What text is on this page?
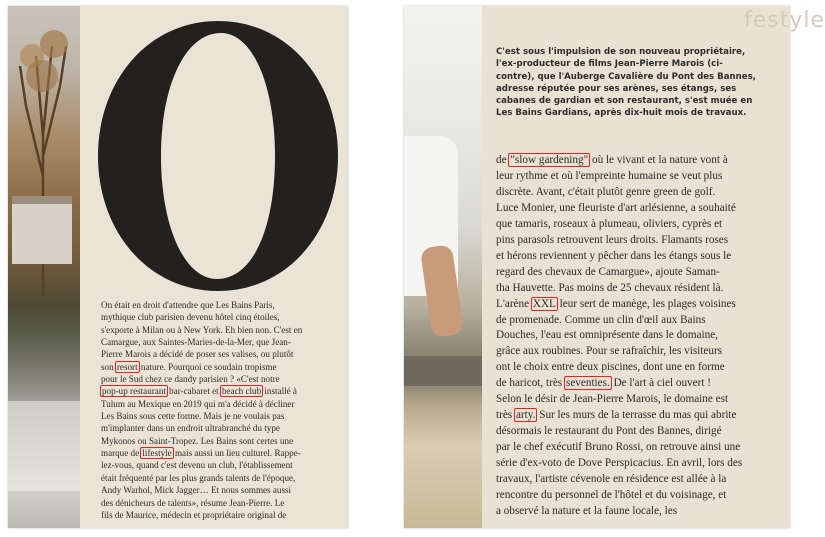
O
On était en droit d'attendre que Les Bains Paris,
mythique club parisien devenu hôtel cinq étoiles,
s'exporte à Milan ou à New York. Eh bien non. C'est en
Camargue, aux Saintes-Maries-de-la-Mer, que Jean-
Pierre Marois a décidé de poser ses valises, ou plutôt
son resort nature. Pourquoi ce soudain tropisme
pour le Sud chez ce dandy parisien ? «C'est notre
pop-up restaurant bar-cabaret et beach club installé à
Tulum au Mexique en 2019 qui m'a décidé à décliner
Les Bains sous cette forme. Mais je ne voulais pas
m'implanter dans un endroit ultrabranché du type
Mykonos ou Saint-Tropez. Les Bains sont certes une
marque de lifestyle mais aussi un lieu culturel. Rappe-
lez-vous, quand c'est devenu un club, l'établissement
était fréquenté par les plus grands talents de l'époque,
Andy Warhol, Mick Jagger… Et nous sommes aussi
des dénicheurs de talents», résume Jean-Pierre. Le
fils de Maurice, médecin et propriétaire original de
festyle
C'est sous l'impulsion de son nouveau propriétaire,
l'ex-producteur de films Jean-Pierre Marois (ci-
contre), que l'Auberge Cavalière du Pont des Bannes,
adresse réputée pour ses arènes, ses étangs, ses
cabanes de gardian et son restaurant, s'est muée en
Les Bains Gardians, après dix-huit mois de travaux.
de "slow gardening" où le vivant et la nature vont à
leur rythme et où l'empreinte humaine se veut plus
discrète. Avant, c'était plutôt genre green de golf.
Luce Monier, une fleuriste d'art arlésienne, a souhaité
que tamaris, roseaux à plumeau, oliviers, cyprès et
pins parasols retrouvent leurs droits. Flamants roses
et hérons reviennent y pêcher dans les étangs sous le
regard des chevaux de Camargue», ajoute Saman-
tha Hauvette. Pas moins de 25 chevaux résident là.
L'arène XXL leur sert de manège, les plages voisines
de promenade. Comme un clin d'œil aux Bains
Douches, l'eau est omniprésente dans le domaine,
grâce aux roubines. Pour se rafraîchir, les visiteurs
ont le choix entre deux piscines, dont une en forme
de haricot, très seventies. De l'art à ciel ouvert !
Selon le désir de Jean-Pierre Marois, le domaine est
très arty. Sur les murs de la terrasse du mas qui abrite
désormais le restaurant du Pont des Bannes, dirigé
par le chef exécutif Bruno Rossi, on retrouve ainsi une
série d'ex-voto de Dove Perspicacius. En avril, lors des
travaux, l'artiste cévenole en résidence est allée à la
rencontre du personnel de l'hôtel et du voisinage, et
a observé la nature et la faune locale, les
